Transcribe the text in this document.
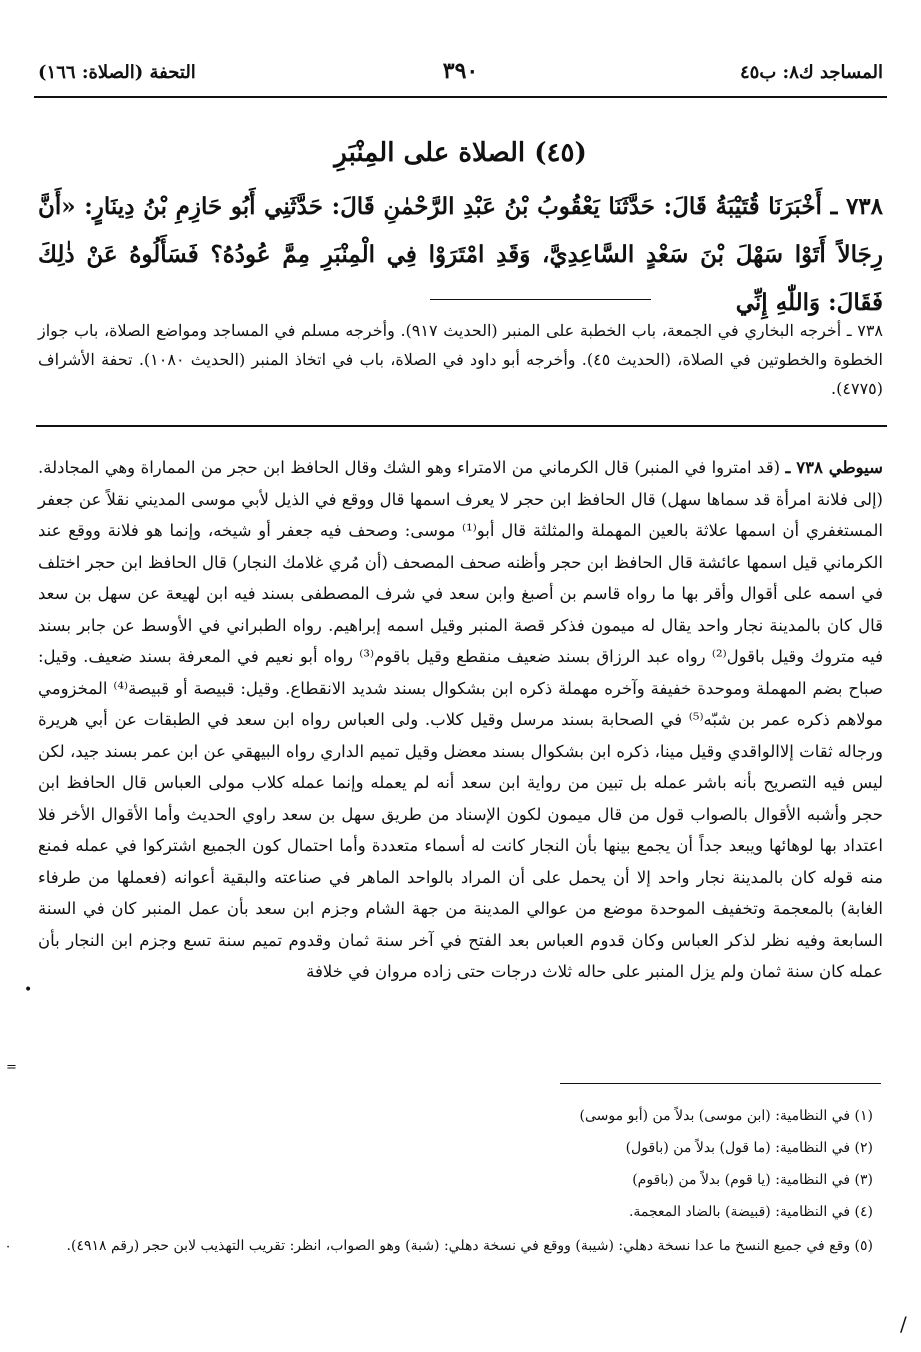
المساجد ك٨: ب٤٥
٣٩٠
التحفة (الصلاة: ١٦٦)
(٤٥) الصلاة على المِنْبَرِ
٧٣٨ ـ أَخْبَرَنَا قُتَيْبَةُ قَالَ: حَدَّثَنَا يَعْقُوبُ بْنُ عَبْدِ الرَّحْمٰنِ قَالَ: حَدَّثَنِي أَبُو حَازِمِ بْنُ دِينَارٍ: «أَنَّ رِجَالاً أَتَوْا سَهْلَ بْنَ سَعْدٍ السَّاعِدِيَّ، وَقَدِ امْتَرَوْا فِي الْمِنْبَرِ مِمَّ عُودُهُ؟ فَسَأَلُوهُ عَنْ ذٰلِكَ فَقَالَ: وَاللّٰهِ إِنِّي
٧٣٨ ـ أخرجه البخاري في الجمعة، باب الخطبة على المنبر (الحديث ٩١٧). وأخرجه مسلم في المساجد ومواضع الصلاة، باب جواز الخطوة والخطوتين في الصلاة، (الحديث ٤٥). وأخرجه أبو داود في الصلاة، باب في اتخاذ المنبر (الحديث ١٠٨٠). تحفة الأشراف (٤٧٧٥).
سيوطي ٧٣٨ ـ (قد امتروا في المنبر) قال الكرماني من الامتراء وهو الشك وقال الحافظ ابن حجر من المماراة وهي المجادلة. (إلى فلانة امرأة قد سماها سهل) قال الحافظ ابن حجر لا يعرف اسمها قال ووقع في الذيل لأبي موسى المديني نقلاً عن جعفر المستغفري أن اسمها علاثة بالعين المهملة والمثلثة قال أبو⁽¹⁾ موسى: وصحف فيه جعفر أو شيخه، وإنما هو فلانة ووقع عند الكرماني قيل اسمها عائشة قال الحافظ ابن حجر وأظنه صحف المصحف (أن مُري غلامك النجار) قال الحافظ ابن حجر اختلف في اسمه على أقوال وأقر بها ما رواه قاسم بن أصبغ وابن سعد في شرف المصطفى بسند فيه ابن لهيعة عن سهل بن سعد قال كان بالمدينة نجار واحد يقال له ميمون فذكر قصة المنبر وقيل اسمه إبراهيم. رواه الطبراني في الأوسط عن جابر بسند فيه متروك وقيل باقول⁽²⁾ رواه عبد الرزاق بسند ضعيف منقطع وقيل باقوم⁽³⁾ رواه أبو نعيم في المعرفة بسند ضعيف. وقيل: صباح بضم المهملة وموحدة خفيفة وآخره مهملة ذكره ابن بشكوال بسند شديد الانقطاع. وقيل: قبيصة أو قبيصة⁽⁴⁾ المخزومي مولاهم ذكره عمر بن شبّه⁽⁵⁾ في الصحابة بسند مرسل وقيل كلاب. ولى العباس رواه ابن سعد في الطبقات عن أبي هريرة ورجاله ثقات إلاالواقدي وقيل مينا، ذكره ابن بشكوال بسند معضل وقيل تميم الداري رواه البيهقي عن ابن عمر بسند جيد، لكن ليس فيه التصريح بأنه باشر عمله بل تبين من رواية ابن سعد أنه لم يعمله وإنما عمله كلاب مولى العباس قال الحافظ ابن حجر وأشبه الأقوال بالصواب قول من قال ميمون لكون الإسناد من طريق سهل بن سعد راوي الحديث وأما الأقوال الأخر فلا اعتداد بها لوهائها ويبعد جداً أن يجمع بينها بأن النجار كانت له أسماء متعددة وأما احتمال كون الجميع اشتركوا في عمله فمنع منه قوله كان بالمدينة نجار واحد إلا أن يحمل على أن المراد بالواحد الماهر في صناعته والبقية أعوانه (فعملها من طرفاء الغابة) بالمعجمة وتخفيف الموحدة موضع من عوالي المدينة من جهة الشام وجزم ابن سعد بأن عمل المنبر كان في السنة السابعة وفيه نظر لذكر العباس وكان قدوم العباس بعد الفتح في آخر سنة ثمان وقدوم تميم سنة تسع وجزم ابن النجار بأن عمله كان سنة ثمان ولم يزل المنبر على حاله ثلاث درجات حتى زاده مروان في خلافة

(١) في النظامية: (ابن موسى) بدلاً من (أبو موسى)

(٢) في النظامية: (ما قول) بدلاً من (باقول)

(٣) في النظامية: (يا قوم) بدلاً من (باقوم)

(٤) في النظامية: (قبيضة) بالضاد المعجمة.

(٥) وقع في جميع النسخ ما عدا نسخة دهلي: (شيبة) ووقع في نسخة دهلي: (شبة) وهو الصواب، انظر: تقريب التهذيب لابن حجر (رقم ٤٩١٨).

•
=
·
/
